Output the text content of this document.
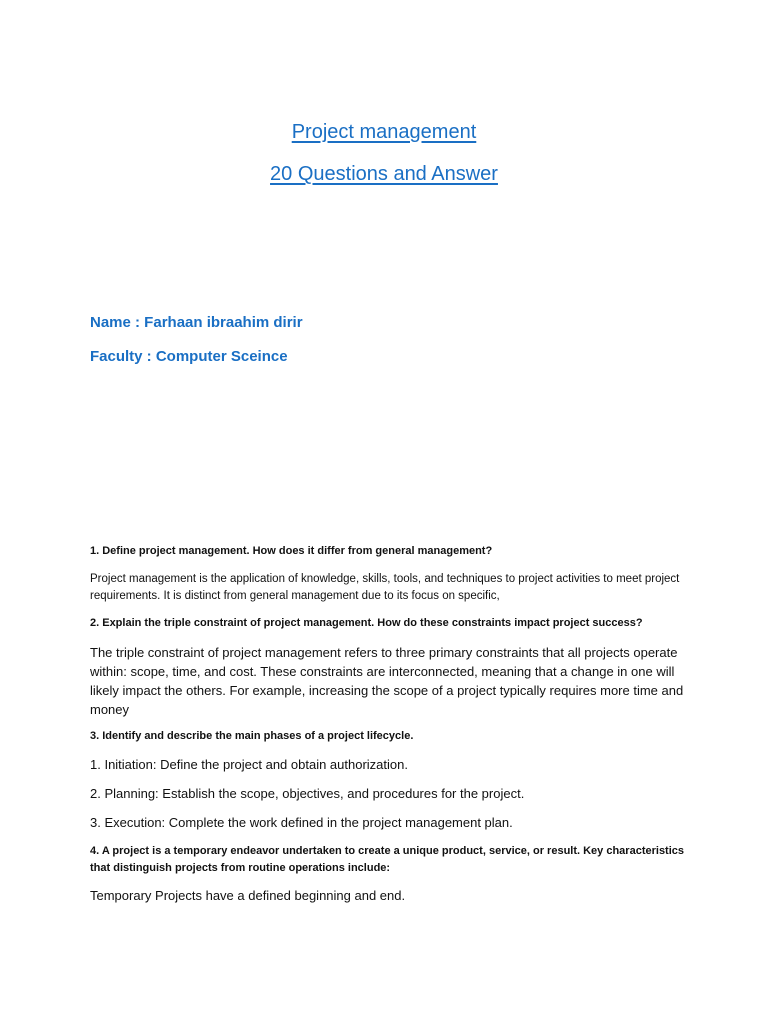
Project management
20 Questions and Answer

Name : Farhaan ibraahim dirir

Faculty : Computer Sceince

1. Define project management. How does it differ from general management?

Project management is the application of knowledge, skills, tools, and techniques to project activities to meet project requirements. It is distinct from general management due to its focus on specific,

2. Explain the triple constraint of project management. How do these constraints impact project success?

The triple constraint of project management refers to three primary constraints that all projects operate within: scope, time, and cost. These constraints are interconnected, meaning that a change in one will likely impact the others. For example, increasing the scope of a project typically requires more time and money

3. Identify and describe the main phases of a project lifecycle.

1. Initiation: Define the project and obtain authorization.

2. Planning: Establish the scope, objectives, and procedures for the project.

3. Execution: Complete the work defined in the project management plan.

4. A project is a temporary endeavor undertaken to create a unique product, service, or result. Key characteristics that distinguish projects from routine operations include:

Temporary Projects have a defined beginning and end.
